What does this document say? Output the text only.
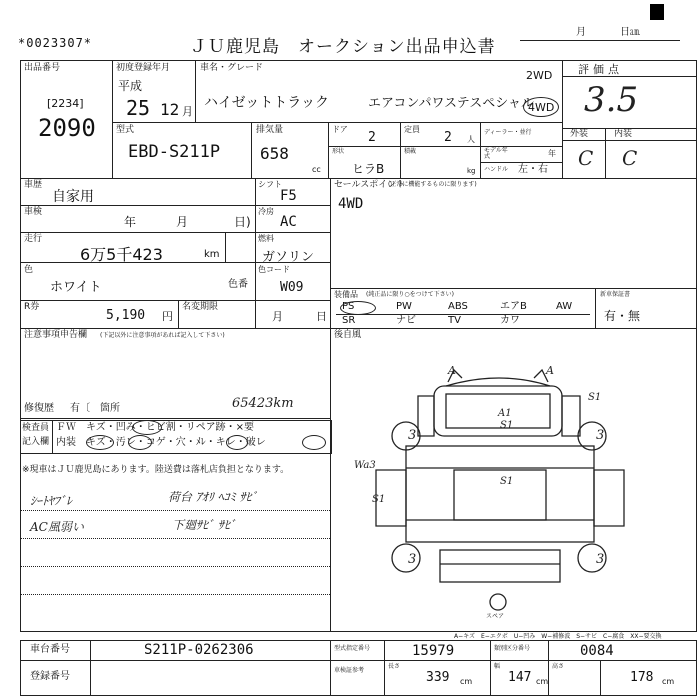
*0023307*	ＪＵ鹿児島　オークション出品申込書
月	日㏂
出品番号
[2234]
2090
初度登録年月
平成
25 12 月
車名・グレード
ハイゼットトラック	エアコンパワステスペシャル
2WD
4WD
型式
EBD-S211P
排気量
658
cc
ドア
2
定員
2 人
ディーラー・並行
モデル年式	年
形状
ヒラB
積載
kg ハンドル 左・右
評価点
3.5
外装	内装
C C
車歴
自家用
シフト
F5
車検
年	月	日)
冷房
AC
走行
6万5千423	km
燃料
ガソリン
色
ホワイト	色番
色コード
W09
R券
5,190 円
名変期限
月	日
セールスポイント
(正常に機能するものに限ります)
4WD
装備品 (純正品に限り○をつけて下さい)
PS	PW	ABS	エアB	AW
SR	ナビ	TV	カワ
新車保証書
有・無
注意事項申告欄 (下記以外に注意事項があれば記入して下さい)
修復歴 有〔 箇所	65423km
検査員
記入欄
ＦＷ　キズ・凹み・ヒビ割・リペア跡・×要
内装　キズ・汚レ・コゲ・穴・ﾒﾚ・キレ・破レ
※現車はＪＵ鹿児島にあります。陸送費は落札店負担となります。
ｼｰﾄﾔﾌﾞﾚ	荷台 ｱｵﾘ ﾍｺﾐ ｻﾋﾞ
AC風弱い	下廻ｻﾋﾞ ｻﾋﾞ
後自風
A	A
S1
A1
S1
S1
Wa3
S1
3	3
3	3
スペア
A−キズ　E−エクボ　U−凹み　W−補修波　S−サビ　C−腐食　XX−要交換
車台番号	S211P-0262306
登録番号
型式指定番号	15979	類別区分番号	0084
車検証参考
長さ
339 cm
幅
147 cm
高さ
178 cm
